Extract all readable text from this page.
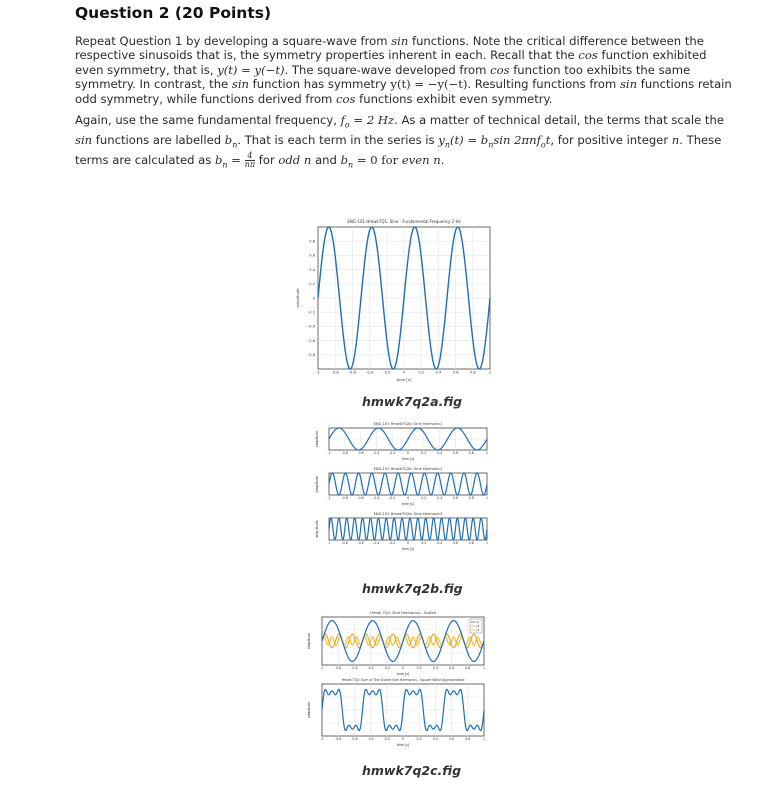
Question 2 (20 Points)
Repeat Question 1 by developing a square-wave from sin functions. Note the critical difference between the respective sinusoids that is, the symmetry properties inherent in each. Recall that the cos function exhibited even symmetry, that is, y(t) = y(−t). The square-wave developed from cos function too exhibits the same symmetry. In contrast, the sin function has symmetry y(t) = −y(−t). Resulting functions from sin functions retain odd symmetry, while functions derived from cos functions exhibit even symmetry.
Again, use the same fundamental frequency, $f_o = 2$ Hz. As a matter of technical detail, the terms that scale the sin functions are labelled $b_n$. That is each term in the series is $y_n(t) = b_n\sin$ 2πnf$_o$t, for positive integer n. These terms are calculated as $b_n = \frac{4}{n\pi}$ for odd n and $b_n = 0$ for even n.
ENG-101 Hmwk7Q1: Sine - Fundamental Frequency 2 Hz
-1	-0.8	-0.6	-0.4	-0.2	0	0.2	0.4	0.6	0.8	1
0.8
0.6
0.4
0.2
0
-0.2
-0.4
-0.6
-0.8
time [s]
amplitude
ENG-101 Hmwk7Q2b: Sine Harmonic1
-1	-0.8	-0.6	-0.4	-0.2	0	0.2	0.4	0.6	0.8	1
time [s]
amplitude
ENG-101 Hmwk7Q2b: Sine Harmonic2
-1	-0.8	-0.6	-0.4	-0.2	0	0.2	0.4	0.6	0.8	1
time [s]
amplitude
ENG-101 Hmwk7Q2b: Sine Harmonic3
-1	-0.8	-0.6	-0.4	-0.2	0	0.2	0.4	0.6	0.8	1
time [s]
amp litude
Hmwk 7Q2: Sine Harmonics - Scaled
-1	-0.8	-0.6	-0.4	-0.2	0	0.2	0.4	0.6	0.8	1
time [s]
amplitude
y1
y3
y5
Hmwk 7Q2: Sum of The Scaled Sine Harmonics - Square Wave Approximated
-1	-0.8	-0.6	-0.4	-0.2	0	0.2	0.4	0.6	0.8	1
time [s]
amplitude
hmwk7q2a.fig
hmwk7q2b.fig
hmwk7q2c.fig
